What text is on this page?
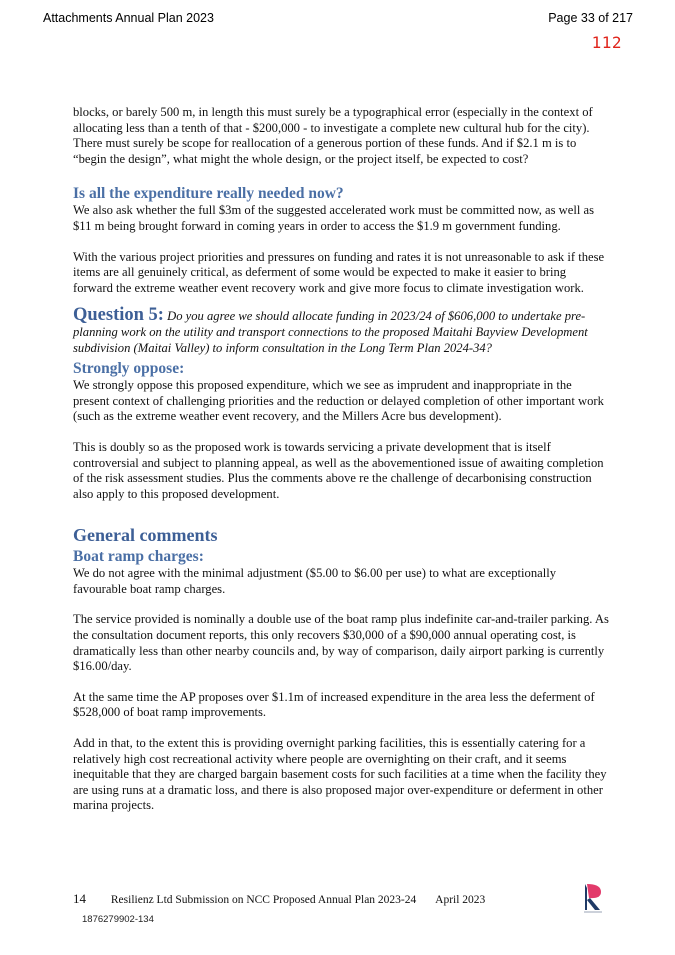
Attachments Annual Plan 2023	Page 33 of 217
112

blocks, or barely 500 m, in length this must surely be a typographical error (especially in the context of allocating less than a tenth of that - $200,000 - to investigate a complete new cultural hub for the city). There must surely be scope for reallocation of a generous portion of these funds. And if $2.1 m is to “begin the design”, what might the whole design, or the project itself, be expected to cost?

Is all the expenditure really needed now?

We also ask whether the full $3m of the suggested accelerated work must be committed now, as well as $11 m being brought forward in coming years in order to access the $1.9 m government funding.

With the various project priorities and pressures on funding and rates it is not unreasonable to ask if these items are all genuinely critical, as deferment of some would be expected to make it easier to bring forward the extreme weather event recovery work and give more focus to climate investigation work.

Question 5: Do you agree we should allocate funding in 2023/24 of $606,000 to undertake pre-planning work on the utility and transport connections to the proposed Maitahi Bayview Development subdivision (Maitai Valley) to inform consultation in the Long Term Plan 2024-34?

Strongly oppose:

We strongly oppose this proposed expenditure, which we see as imprudent and inappropriate in the present context of challenging priorities and the reduction or delayed completion of other important work (such as the extreme weather event recovery, and the Millers Acre bus development).

This is doubly so as the proposed work is towards servicing a private development that is itself controversial and subject to planning appeal, as well as the abovementioned issue of awaiting completion of the risk assessment studies. Plus the comments above re the challenge of decarbonising construction also apply to this proposed development.

General comments
Boat ramp charges:

We do not agree with the minimal adjustment ($5.00 to $6.00 per use) to what are exceptionally favourable boat ramp charges.

The service provided is nominally a double use of the boat ramp plus indefinite car-and-trailer parking. As the consultation document reports, this only recovers $30,000 of a $90,000 annual operating cost, is dramatically less than other nearby councils and, by way of comparison, daily airport parking is currently $16.00/day.

At the same time the AP proposes over $1.1m of increased expenditure in the area less the deferment of $528,000 of boat ramp improvements.

Add in that, to the extent this is providing overnight parking facilities, this is essentially catering for a relatively high cost recreational activity where people are overnighting on their craft, and it seems inequitable that they are charged bargain basement costs for such facilities at a time when the facility they are using runs at a dramatic loss, and there is also proposed major over-expenditure or deferment in other marina projects.

14 Resilienz Ltd Submission on NCC Proposed Annual Plan 2023-24 April 2023
1876279902-134
